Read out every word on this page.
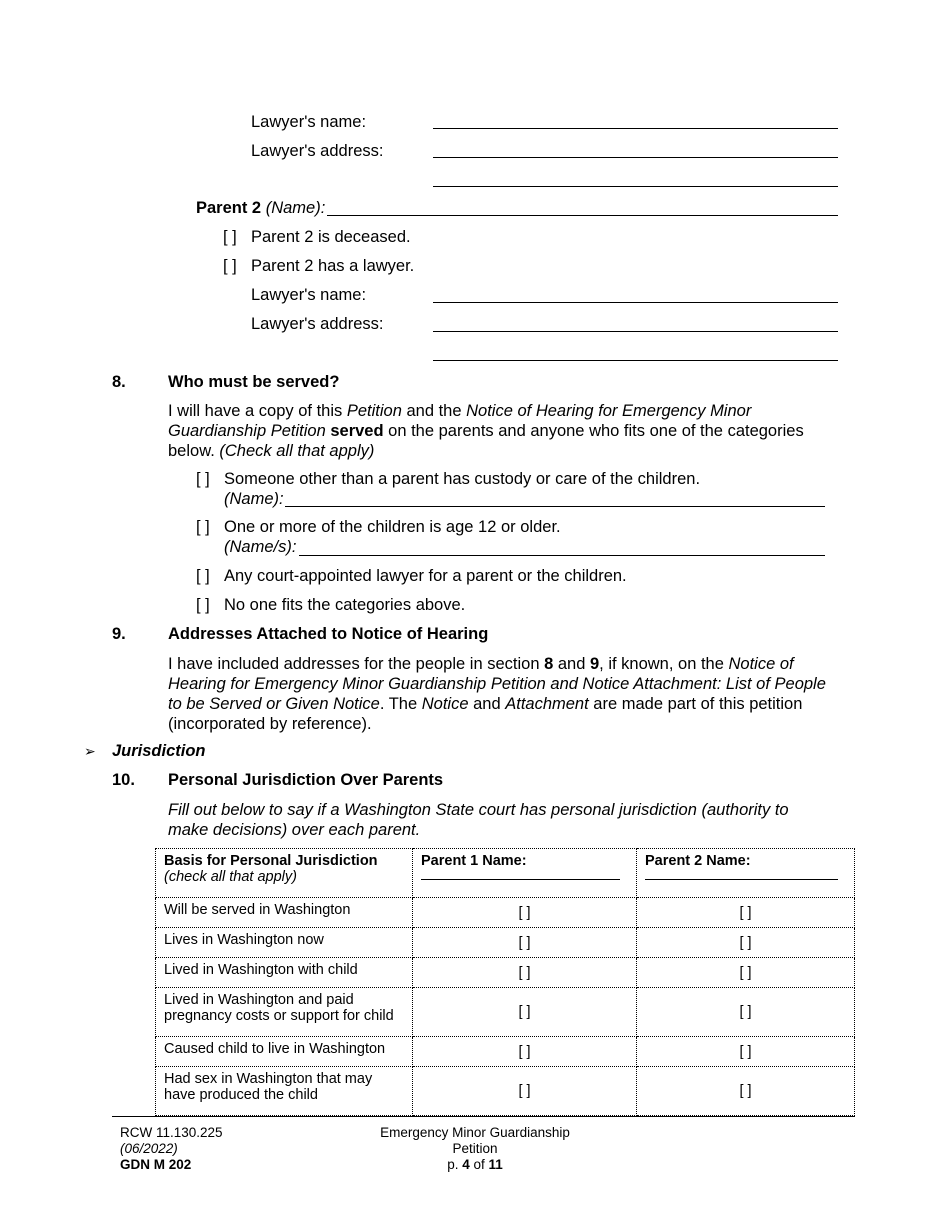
Lawyer's name:
Lawyer's address:
Parent 2 (Name):
[ ] Parent 2 is deceased.
[ ] Parent 2 has a lawyer.
Lawyer's name:
Lawyer's address:
8.	Who must be served?
I will have a copy of this Petition and the Notice of Hearing for Emergency Minor Guardianship Petition served on the parents and anyone who fits one of the categories below. (Check all that apply)
[ ] Someone other than a parent has custody or care of the children.
(Name):
[ ] One or more of the children is age 12 or older.
(Name/s):
[ ] Any court-appointed lawyer for a parent or the children.
[ ] No one fits the categories above.
9.	Addresses Attached to Notice of Hearing
I have included addresses for the people in section 8 and 9, if known, on the Notice of Hearing for Emergency Minor Guardianship Petition and Notice Attachment: List of People to be Served or Given Notice. The Notice and Attachment are made part of this petition (incorporated by reference).
➢ Jurisdiction
10. Personal Jurisdiction Over Parents
Fill out below to say if a Washington State court has personal jurisdiction (authority to make decisions) over each parent.
Basis for Personal Jurisdiction
(check all that apply)	Parent 1 Name:	Parent 2 Name:

Will be served in Washington	[ ]	[ ]
Lives in Washington now	[ ]	[ ]
Lived in Washington with child	[ ]	[ ]
Lived in Washington and paid pregnancy costs or support for child	[ ]	[ ]
Caused child to live in Washington	[ ]	[ ]
Had sex in Washington that may have produced the child	[ ]	[ ]
RCW 11.130.225
(06/2022)
GDN M 202
Emergency Minor Guardianship
Petition
p. 4 of 11
